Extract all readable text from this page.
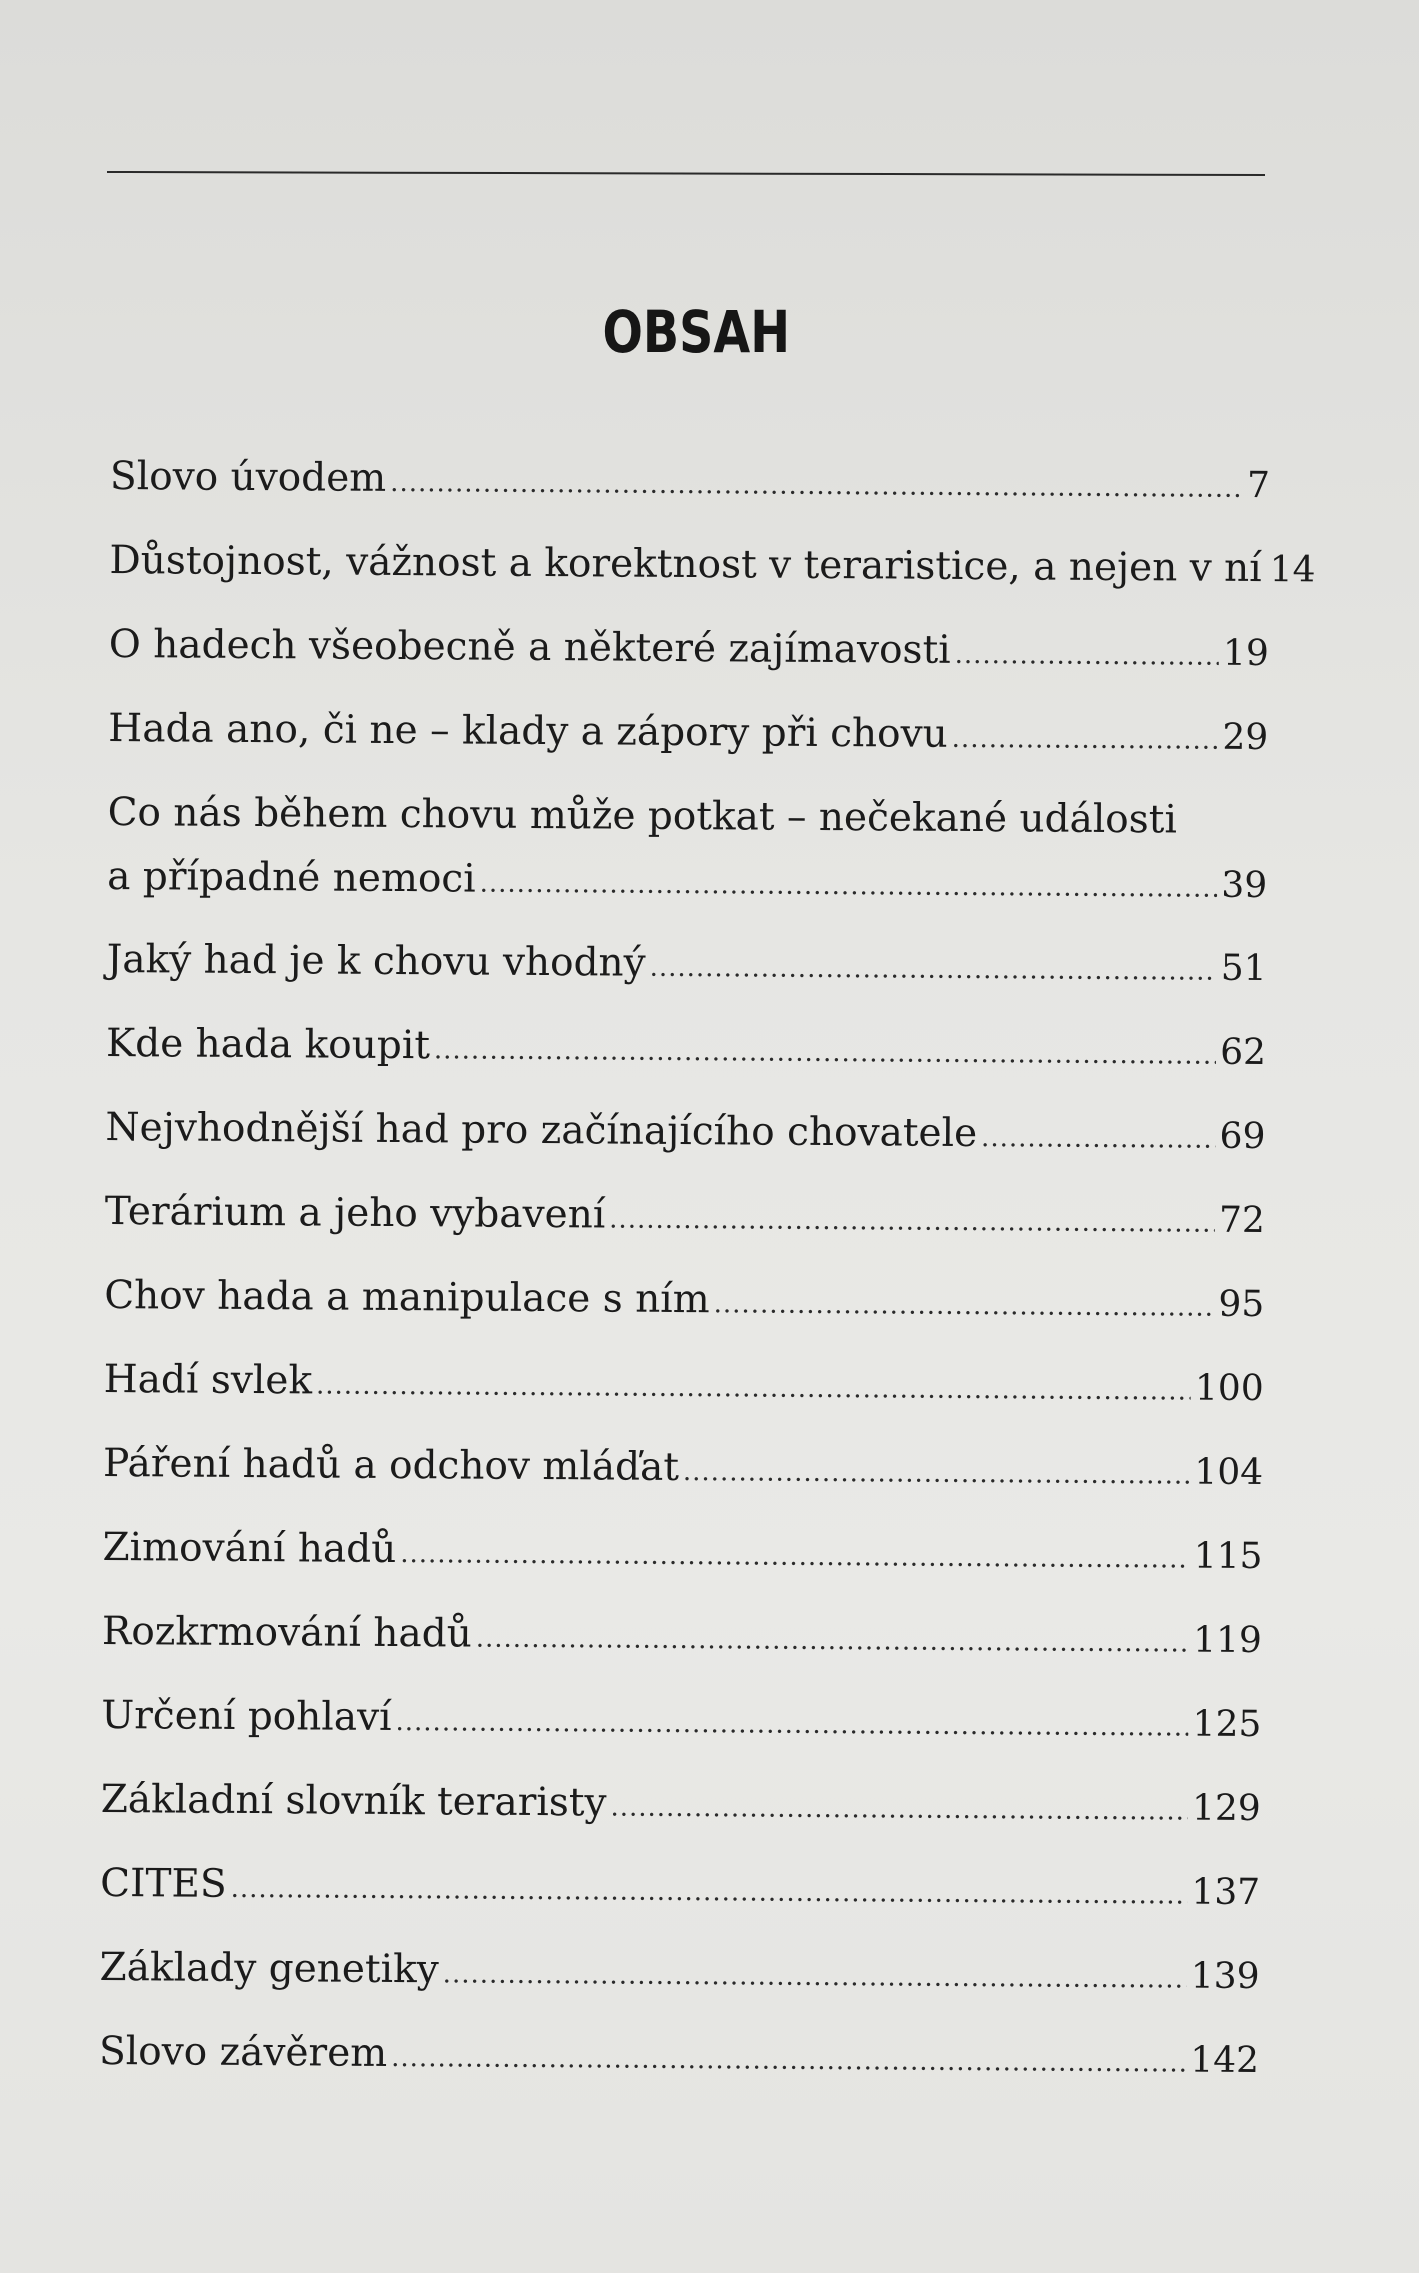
OBSAH
Slovo úvodem .....	7
Důstojnost, vážnost a korektnost v teraristice, a nejen v ní ..... 14
O hadech všeobecně a některé zajímavosti .....	19
Hada ano, či ne – klady a zápory při chovu .....	29
Co nás během chovu může potkat – nečekané události
a případné nemoci .....	39
Jaký had je k chovu vhodný .....	51
Kde hada koupit .....	62
Nejvhodnější had pro začínajícího chovatele .....	69
Terárium a jeho vybavení .....	72
Chov hada a manipulace s ním .....	95
Hadí svlek .....	100
Páření hadů a odchov mláďat .....	104
Zimování hadů .....	115
Rozkrmování hadů .....	119
Určení pohlaví .....	125
Základní slovník teraristy .....	129
CITES .....	137
Základy genetiky .....	139
Slovo závěrem .....	142
